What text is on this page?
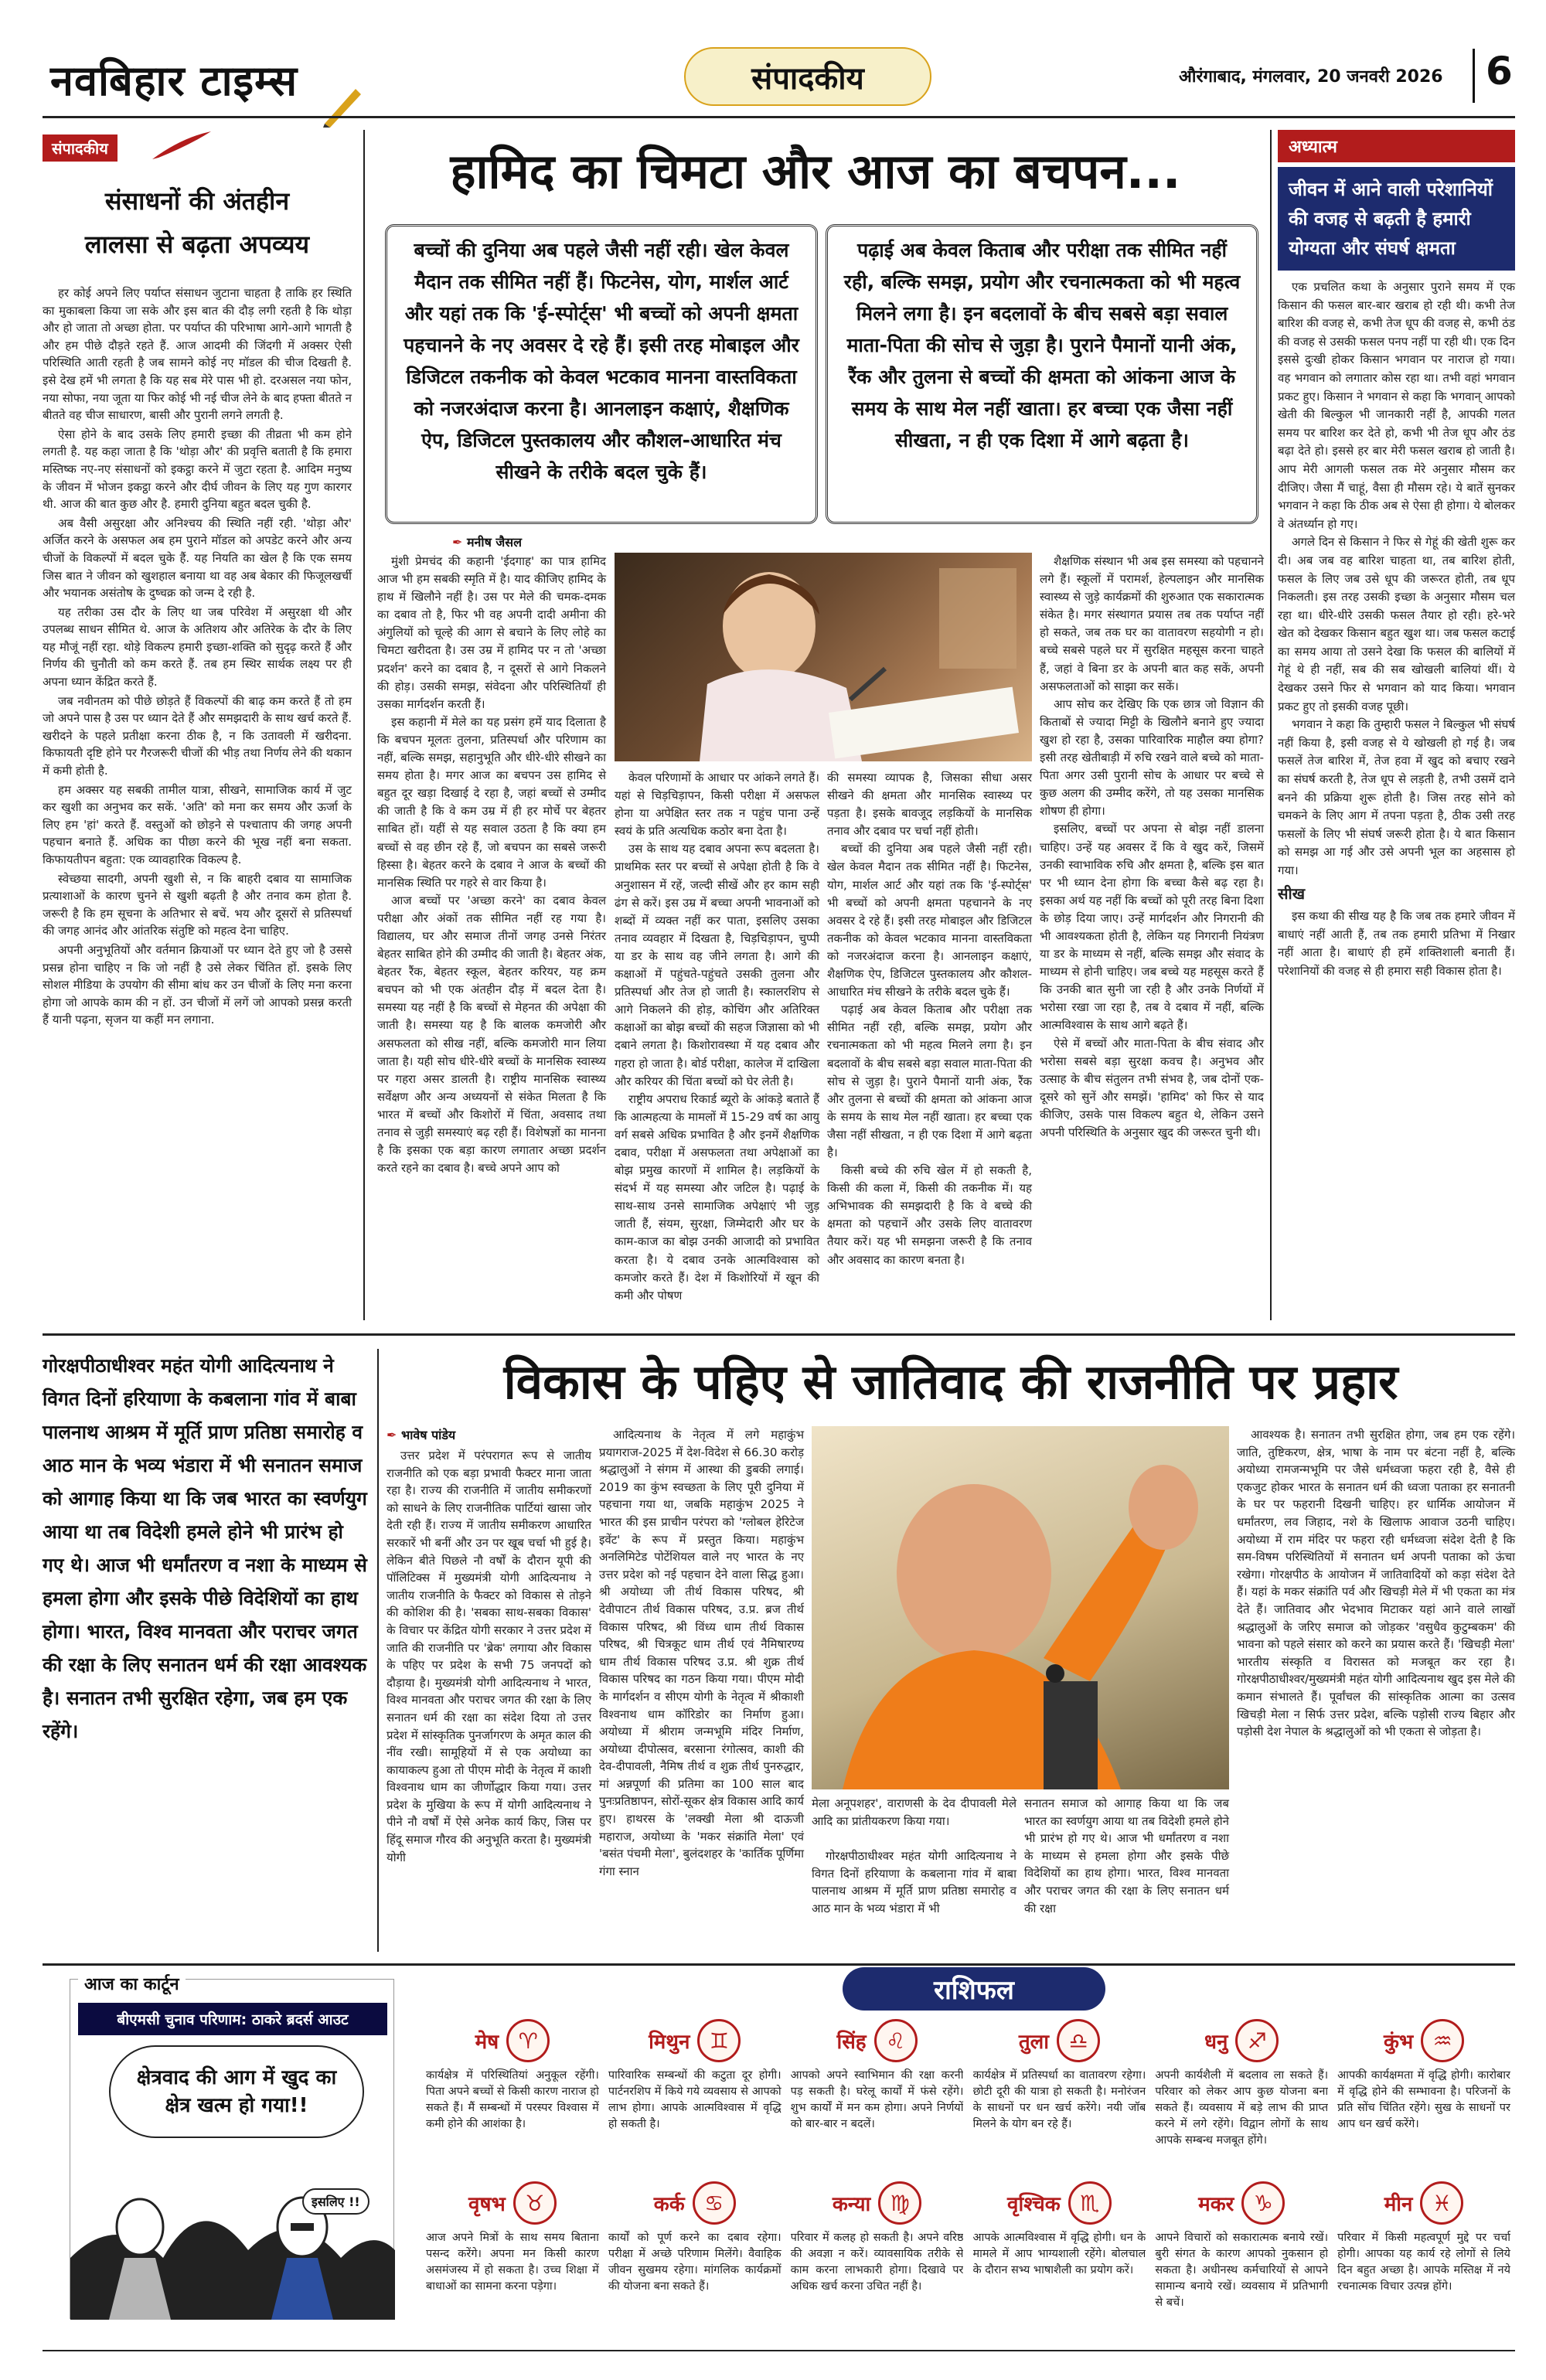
नवबिहार टाइम्स	संपादकीय	औरंगाबाद, मंगलवार, 20 जनवरी 2026	6
संपादकीय
संसाधनों की अंतहीन
लालसा से बढ़ता अपव्यय

हर कोई अपने लिए पर्याप्त संसाधन जुटाना चाहता है ताकि हर स्थिति का मुकाबला किया जा सके और इस बात की दौड़ लगी रहती है कि थोड़ा और हो जाता तो अच्छा होता. पर पर्याप्त की परिभाषा आगे-आगे भागती है और हम पीछे दौड़ते रहते हैं. आज आदमी की जिंदगी में अक्सर ऐसी परिस्थिति आती रहती है जब सामने कोई नए मॉडल की चीज दिखती है. इसे देख हमें भी लगता है कि यह सब मेरे पास भी हो. दरअसल नया फोन, नया सोफा, नया जूता या फिर कोई भी नई चीज लेने के बाद हफ्ता बीतते न बीतते वह चीज साधारण, बासी और पुरानी लगने लगती है.

ऐसा होने के बाद उसके लिए हमारी इच्छा की तीव्रता भी कम होने लगती है. यह कहा जाता है कि 'थोड़ा और' की प्रवृत्ति बताती है कि हमारा मस्तिष्क नए-नए संसाधनों को इकट्ठा करने में जुटा रहता है. आदिम मनुष्य के जीवन में भोजन इकट्ठा करने और दीर्घ जीवन के लिए यह गुण कारगर थी. आज की बात कुछ और है. हमारी दुनिया बहुत बदल चुकी है.

अब वैसी असुरक्षा और अनिश्चय की स्थिति नहीं रही. 'थोड़ा और' अर्जित करने के असफल अब हम पुराने मॉडल को अपडेट करने और अन्य चीजों के विकल्पों में बदल चुके हैं. यह नियति का खेल है कि एक समय जिस बात ने जीवन को खुशहाल बनाया था वह अब बेकार की फिजूलखर्ची और भयानक असंतोष के दुष्चक्र को जन्म दे रही है.

यह तरीका उस दौर के लिए था जब परिवेश में असुरक्षा थी और उपलब्ध साधन सीमित थे. आज के अतिशय और अतिरेक के दौर के लिए यह मौजूं नहीं रहा. थोड़े विकल्प हमारी इच्छा-शक्ति को सुदृढ़ करते हैं और निर्णय की चुनौती को कम करते हैं. तब हम स्थिर सार्थक लक्ष्य पर ही अपना ध्यान केंद्रित करते हैं.

जब नवीनतम को पीछे छोड़ते हैं विकल्पों की बाढ़ कम करते हैं तो हम जो अपने पास है उस पर ध्यान देते हैं और समझदारी के साथ खर्च करते हैं. खरीदने के पहले प्रतीक्षा करना ठीक है, न कि उतावली में खरीदना. किफायती दृष्टि होने पर गैरजरूरी चीजों की भीड़ तथा निर्णय लेने की थकान में कमी होती है.

हम अक्सर यह सबकी तामील यात्रा, सीखने, सामाजिक कार्य में जुट कर खुशी का अनुभव कर सकें. 'अति' को मना कर समय और ऊर्जा के लिए हम 'हां' करते हैं. वस्तुओं को छोड़ने से पश्चाताप की जगह अपनी पहचान बनाते हैं. अधिक का पीछा करने की भूख नहीं बना सकता. किफायतीपन बहुता: एक व्यावहारिक विकल्प है.

स्वेच्छया सादगी, अपनी खुशी से, न कि बाहरी दबाव या सामाजिक प्रत्याशाओं के कारण चुनने से खुशी बढ़ती है और तनाव कम होता है. जरूरी है कि हम सूचना के अतिभार से बचें. भय और दूसरों से प्रतिस्पर्धा की जगह आनंद और आंतरिक संतुष्टि को महत्व देना चाहिए.

अपनी अनुभूतियों और वर्तमान क्रियाओं पर ध्यान देते हुए जो है उससे प्रसन्न होना चाहिए न कि जो नहीं है उसे लेकर चिंतित हों. इसके लिए सोशल मीडिया के उपयोग की सीमा बांध कर उन चीजों के लिए मना करना होगा जो आपके काम की न हों. उन चीजों में लगें जो आपको प्रसन्न करती हैं यानी पढ़ना, सृजन या कहीं मन लगाना.

हामिद का चिमटा और आज का बचपन...
बच्चों की दुनिया अब पहले जैसी नहीं रही। खेल केवल मैदान तक सीमित नहीं हैं। फिटनेस, योग, मार्शल आर्ट और यहां तक कि 'ई-स्पोर्ट्स' भी बच्चों को अपनी क्षमता पहचानने के नए अवसर दे रहे हैं। इसी तरह मोबाइल और डिजिटल तकनीक को केवल भटकाव मानना वास्तविकता को नजरअंदाज करना है। आनलाइन कक्षाएं, शैक्षणिक ऐप, डिजिटल पुस्तकालय और कौशल-आधारित मंच सीखने के तरीके बदल चुके हैं।
पढ़ाई अब केवल किताब और परीक्षा तक सीमित नहीं रही, बल्कि समझ, प्रयोग और रचनात्मकता को भी महत्व मिलने लगा है। इन बदलावों के बीच सबसे बड़ा सवाल माता-पिता की सोच से जुड़ा है। पुराने पैमानों यानी अंक, रैंक और तुलना से बच्चों की क्षमता को आंकना आज के समय के साथ मेल नहीं खाता। हर बच्चा एक जैसा नहीं सीखता, न ही एक दिशा में आगे बढ़ता है।
✒ मनीष जैसल

मुंशी प्रेमचंद की कहानी 'ईदगाह' का पात्र हामिद आज भी हम सबकी स्मृति में है। याद कीजिए हामिद के हाथ में खिलौने नहीं है। उस पर मेले की चमक-दमक का दबाव तो है, फिर भी वह अपनी दादी अमीना की अंगुलियों को चूल्हे की आग से बचाने के लिए लोहे का चिमटा खरीदता है। उस उम्र में हामिद पर न तो 'अच्छा प्रदर्शन' करने का दबाव है, न दूसरों से आगे निकलने की होड़। उसकी समझ, संवेदना और परिस्थितियाँ ही उसका मार्गदर्शन करती हैं।

इस कहानी में मेले का यह प्रसंग हमें याद दिलाता है कि बचपन मूलतः तुलना, प्रतिस्पर्धा और परिणाम का नहीं, बल्कि समझ, सहानुभूति और धीरे-धीरे सीखने का समय होता है। मगर आज का बचपन उस हामिद से बहुत दूर खड़ा दिखाई दे रहा है, जहां बच्चों से उम्मीद की जाती है कि वे कम उम्र में ही हर मोर्चे पर बेहतर साबित हों। यहीं से यह सवाल उठता है कि क्या हम बच्चों से वह छीन रहे हैं, जो बचपन का सबसे जरूरी हिस्सा है। बेहतर करने के दबाव ने आज के बच्चों की मानसिक स्थिति पर गहरे से वार किया है।

आज बच्चों पर 'अच्छा करने' का दबाव केवल परीक्षा और अंकों तक सीमित नहीं रह गया है। विद्यालय, घर और समाज तीनों जगह उनसे निरंतर बेहतर साबित होने की उम्मीद की जाती है। बेहतर अंक, बेहतर रैंक, बेहतर स्कूल, बेहतर करियर, यह क्रम बचपन को भी एक अंतहीन दौड़ में बदल देता है। समस्या यह नहीं है कि बच्चों से मेहनत की अपेक्षा की जाती है। समस्या यह है कि बालक कमजोरी और असफलता को सीख नहीं, बल्कि कमजोरी मान लिया जाता है। यही सोच धीरे-धीरे बच्चों के मानसिक स्वास्थ्य पर गहरा असर डालती है। राष्ट्रीय मानसिक स्वास्थ्य सर्वेक्षण और अन्य अध्ययनों से संकेत मिलता है कि भारत में बच्चों और किशोरों में चिंता, अवसाद तथा तनाव से जुड़ी समस्याएं बढ़ रही हैं। विशेषज्ञों का मानना है कि इसका एक बड़ा कारण लगातार अच्छा प्रदर्शन करते रहने का दबाव है। बच्चे अपने आप को

केवल परिणामों के आधार पर आंकने लगते हैं। यहां से चिड़चिड़ापन, किसी परीक्षा में असफल होना या अपेक्षित स्तर तक न पहुंच पाना उन्हें स्वयं के प्रति अत्यधिक कठोर बना देता है।

उस के साथ यह दबाव अपना रूप बदलता है। प्राथमिक स्तर पर बच्चों से अपेक्षा होती है कि वे अनुशासन में रहें, जल्दी सीखें और हर काम सही ढंग से करें। इस उम्र में बच्चा अपनी भावनाओं को शब्दों में व्यक्त नहीं कर पाता, इसलिए उसका तनाव व्यवहार में दिखता है, चिड़चिड़ापन, चुप्पी या डर के साथ वह जीने लगता है। आगे की कक्षाओं में पहुंचते-पहुंचते उसकी तुलना और प्रतिस्पर्धा और तेज हो जाती है। स्कालरशिप से आगे निकलने की होड़, कोचिंग और अतिरिक्त कक्षाओं का बोझ बच्चों की सहज जिज्ञासा को भी दबाने लगता है। किशोरावस्था में यह दबाव और गहरा हो जाता है। बोर्ड परीक्षा, कालेज में दाखिला और करियर की चिंता बच्चों को घेर लेती है।

राष्ट्रीय अपराध रिकार्ड ब्यूरो के आंकड़े बताते हैं कि आत्महत्या के मामलों में 15-29 वर्ष का आयु वर्ग सबसे अधिक प्रभावित है और इनमें शैक्षणिक दबाव, परीक्षा में असफलता तथा अपेक्षाओं का बोझ प्रमुख कारणों में शामिल है। लड़कियों के संदर्भ में यह समस्या और जटिल है। पढ़ाई के साथ-साथ उनसे सामाजिक अपेक्षाएं भी जुड़ जाती हैं, संयम, सुरक्षा, जिम्मेदारी और घर के काम-काज का बोझ उनकी आजादी को प्रभावित करता है। ये दबाव उनके आत्मविश्वास को कमजोर करते हैं। देश में किशोरियों में खून की कमी और पोषण

की समस्या व्यापक है, जिसका सीधा असर सीखने की क्षमता और मानसिक स्वास्थ्य पर पड़ता है। इसके बावजूद लड़कियों के मानसिक तनाव और दबाव पर चर्चा नहीं होती।

बच्चों की दुनिया अब पहले जैसी नहीं रही। खेल केवल मैदान तक सीमित नहीं है। फिटनेस, योग, मार्शल आर्ट और यहां तक कि 'ई-स्पोर्ट्स' भी बच्चों को अपनी क्षमता पहचानने के नए अवसर दे रहे हैं। इसी तरह मोबाइल और डिजिटल तकनीक को केवल भटकाव मानना वास्तविकता को नजरअंदाज करना है। आनलाइन कक्षाएं, शैक्षणिक ऐप, डिजिटल पुस्तकालय और कौशल-आधारित मंच सीखने के तरीके बदल चुके हैं।

पढ़ाई अब केवल किताब और परीक्षा तक सीमित नहीं रही, बल्कि समझ, प्रयोग और रचनात्मकता को भी महत्व मिलने लगा है। इन बदलावों के बीच सबसे बड़ा सवाल माता-पिता की सोच से जुड़ा है। पुराने पैमानों यानी अंक, रैंक और तुलना से बच्चों की क्षमता को आंकना आज के समय के साथ मेल नहीं खाता। हर बच्चा एक जैसा नहीं सीखता, न ही एक दिशा में आगे बढ़ता है।

किसी बच्चे की रुचि खेल में हो सकती है, किसी की कला में, किसी की तकनीक में। यह अभिभावक की समझदारी है कि वे बच्चे की क्षमता को पहचानें और उसके लिए वातावरण तैयार करें। यह भी समझना जरूरी है कि तनाव और अवसाद का कारण बनता है।

शैक्षणिक संस्थान भी अब इस समस्या को पहचानने लगे हैं। स्कूलों में परामर्श, हेल्पलाइन और मानसिक स्वास्थ्य से जुड़े कार्यक्रमों की शुरुआत एक सकारात्मक संकेत है। मगर संस्थागत प्रयास तब तक पर्याप्त नहीं हो सकते, जब तक घर का वातावरण सहयोगी न हो। बच्चे सबसे पहले घर में सुरक्षित महसूस करना चाहते हैं, जहां वे बिना डर के अपनी बात कह सकें, अपनी असफलताओं को साझा कर सकें।

आप सोच कर देखिए कि एक छात्र जो विज्ञान की किताबों से ज्यादा मिट्टी के खिलौने बनाने हुए ज्यादा खुश हो रहा है, उसका पारिवारिक माहौल क्या होगा? इसी तरह खेतीबाड़ी में रुचि रखने वाले बच्चे को माता-पिता अगर उसी पुरानी सोच के आधार पर बच्चे से कुछ अलग की उम्मीद करेंगे, तो यह उसका मानसिक शोषण ही होगा।

इसलिए, बच्चों पर अपना से बोझ नहीं डालना चाहिए। उन्हें यह अवसर दें कि वे खुद करें, जिसमें उनकी स्वाभाविक रुचि और क्षमता है, बल्कि इस बात पर भी ध्यान देना होगा कि बच्चा कैसे बढ़ रहा है। इसका अर्थ यह नहीं कि बच्चों को पूरी तरह बिना दिशा के छोड़ दिया जाए। उन्हें मार्गदर्शन और निगरानी की भी आवश्यकता होती है, लेकिन यह निगरानी नियंत्रण या डर के माध्यम से नहीं, बल्कि समझ और संवाद के माध्यम से होनी चाहिए। जब बच्चे यह महसूस करते हैं कि उनकी बात सुनी जा रही है और उनके निर्णयों में भरोसा रखा जा रहा है, तब वे दबाव में नहीं, बल्कि आत्मविश्वास के साथ आगे बढ़ते हैं।

ऐसे में बच्चों और माता-पिता के बीच संवाद और भरोसा सबसे बड़ा सुरक्षा कवच है। अनुभव और उत्साह के बीच संतुलन तभी संभव है, जब दोनों एक-दूसरे को सुनें और समझें। 'हामिद' को फिर से याद कीजिए, उसके पास विकल्प बहुत थे, लेकिन उसने अपनी परिस्थिति के अनुसार खुद की जरूरत चुनी थी।

अध्यात्म
जीवन में आने वाली परेशानियों की वजह से बढ़ती है हमारी योग्यता और संघर्ष क्षमता

एक प्रचलित कथा के अनुसार पुराने समय में एक किसान की फसल बार-बार खराब हो रही थी। कभी तेज बारिश की वजह से, कभी तेज धूप की वजह से, कभी ठंड की वजह से उसकी फसल पनप नहीं पा रही थी। एक दिन इससे दुःखी होकर किसान भगवान पर नाराज हो गया। वह भगवान को लगातार कोस रहा था। तभी वहां भगवान प्रकट हुए। किसान ने भगवान से कहा कि भगवान् आपको खेती की बिल्कुल भी जानकारी नहीं है, आपकी गलत समय पर बारिश कर देते हो, कभी भी तेज धूप और ठंड बढ़ा देते हो। इससे हर बार मेरी फसल खराब हो जाती है। आप मेरी आगली फसल तक मेरे अनुसार मौसम कर दीजिए। जैसा मैं चाहूं, वैसा ही मौसम रहे। ये बातें सुनकर भगवान ने कहा कि ठीक अब से ऐसा ही होगा। ये बोलकर वे अंतर्ध्यान हो गए।

अगले दिन से किसान ने फिर से गेहूं की खेती शुरू कर दी। अब जब वह बारिश चाहता था, तब बारिश होती, फसल के लिए जब उसे धूप की जरूरत होती, तब धूप निकलती। इस तरह उसकी इच्छा के अनुसार मौसम चल रहा था। धीरे-धीरे उसकी फसल तैयार हो रही। हरे-भरे खेत को देखकर किसान बहुत खुश था। जब फसल कटाई का समय आया तो उसने देखा कि फसल की बालियों में गेहूं थे ही नहीं, सब की सब खोखली बालियां थीं। ये देखकर उसने फिर से भगवान को याद किया। भगवान प्रकट हुए तो इसकी वजह पूछी।

भगवान ने कहा कि तुम्हारी फसल ने बिल्कुल भी संघर्ष नहीं किया है, इसी वजह से ये खोखली हो गई है। जब फसलें तेज बारिश में, तेज हवा में खुद को बचाए रखने का संघर्ष करती है, तेज धूप से लड़ती है, तभी उसमें दाने बनने की प्रक्रिया शुरू होती है। जिस तरह सोने को चमकने के लिए आग में तपना पड़ता है, ठीक उसी तरह फसलों के लिए भी संघर्ष जरूरी होता है। ये बात किसान को समझ आ गई और उसे अपनी भूल का अहसास हो गया।

सीख

इस कथा की सीख यह है कि जब तक हमारे जीवन में बाधाएं नहीं आती हैं, तब तक हमारी प्रतिभा में निखार नहीं आता है। बाधाएं ही हमें शक्तिशाली बनाती हैं। परेशानियों की वजह से ही हमारा सही विकास होता है।

गोरक्षपीठाधीश्वर महंत योगी आदित्यनाथ ने विगत दिनों हरियाणा के कबलाना गांव में बाबा पालनाथ आश्रम में मूर्ति प्राण प्रतिष्ठा समारोह व आठ मान के भव्य भंडारा में भी सनातन समाज को आगाह किया था कि जब भारत का स्वर्णयुग आया था तब विदेशी हमले होने भी प्रारंभ हो गए थे। आज भी धर्मांतरण व नशा के माध्यम से हमला होगा और इसके पीछे विदेशियों का हाथ होगा। भारत, विश्व मानवता और पराचर जगत की रक्षा के लिए सनातन धर्म की रक्षा आवश्यक है। सनातन तभी सुरक्षित रहेगा, जब हम एक रहेंगे।
विकास के पहिए से जातिवाद की राजनीति पर प्रहार
✒ भावेष पांडेय

उत्तर प्रदेश में परंपरागत रूप से जातीय राजनीति को एक बड़ा प्रभावी फैक्टर माना जाता रहा है। राज्य की राजनीति में जातीय समीकरणों को साधने के लिए राजनीतिक पार्टियां खासा जोर देती रही हैं। राज्य में जातीय समीकरण आधारित सरकारें भी बनीं और उन पर खूब चर्चा भी हुई है। लेकिन बीते पिछले नौ वर्षों के दौरान यूपी की पॉलिटिक्स में मुख्यमंत्री योगी आदित्यनाथ ने जातीय राजनीति के फैक्टर को विकास से तोड़ने की कोशिश की है। 'सबका साथ-सबका विकास' के विचार पर केंद्रित योगी सरकार ने उत्तर प्रदेश में जाति की राजनीति पर 'ब्रेक' लगाया और विकास के पहिए पर प्रदेश के सभी 75 जनपदों को दौड़ाया है। मुख्यमंत्री योगी आदित्यनाथ ने भारत, विश्व मानवता और पराचर जगत की रक्षा के लिए सनातन धर्म की रक्षा का संदेश दिया तो उत्तर प्रदेश में सांस्कृतिक पुनर्जागरण के अमृत काल की नींव रखी। सामूहियों में से एक अयोध्या का कायाकल्प हुआ तो पीएम मोदी के नेतृत्व में काशी विश्वनाथ धाम का जीर्णोद्धार किया गया। उत्तर प्रदेश के मुखिया के रूप में योगी आदित्यनाथ ने पीने नौ वर्षों में ऐसे अनेक कार्य किए, जिस पर हिंदू समाज गौरव की अनुभूति करता है। मुख्यमंत्री योगी

आदित्यनाथ के नेतृत्व में लगे महाकुंभ प्रयागराज-2025 में देश-विदेश से 66.30 करोड़ श्रद्धालुओं ने संगम में आस्था की डुबकी लगाई। 2019 का कुंभ स्वच्छता के लिए पूरी दुनिया में पहचाना गया था, जबकि महाकुंभ 2025 ने भारत की इस प्राचीन परंपरा को 'ग्लोबल हेरिटेज इवेंट' के रूप में प्रस्तुत किया। महाकुंभ अनलिमिटेड पोटेंशियल वाले नए भारत के नए उत्तर प्रदेश को नई पहचान देने वाला सिद्ध हुआ। श्री अयोध्या जी तीर्थ विकास परिषद, श्री देवीपाटन तीर्थ विकास परिषद, उ.प्र. ब्रज तीर्थ विकास परिषद, श्री विंध्य धाम तीर्थ विकास परिषद, श्री चित्रकूट धाम तीर्थ एवं नैमिषारण्य धाम तीर्थ विकास परिषद उ.प्र. श्री शुक्र तीर्थ विकास परिषद का गठन किया गया। पीएम मोदी के मार्गदर्शन व सीएम योगी के नेतृत्व में श्रीकाशी विश्वनाथ धाम कॉरिडोर का निर्माण हुआ। अयोध्या में श्रीराम जन्मभूमि मंदिर निर्माण, अयोध्या दीपोत्सव, बरसाना रंगोत्सव, काशी की देव-दीपावली, नैमिष तीर्थ व शुक्र तीर्थ पुनरुद्धार, मां अन्नपूर्णा की प्रतिमा का 100 साल बाद पुनःप्रतिष्ठापन, सोरों-सूकर क्षेत्र विकास आदि कार्य हुए। हाथरस के 'लक्खी मेला श्री दाऊजी महाराज, अयोध्या के 'मकर संक्रांति मेला' एवं 'बसंत पंचमी मेला', बुलंदशहर के 'कार्तिक पूर्णिमा गंगा स्नान

मेला अनूपशहर', वाराणसी के देव दीपावली मेले आदि का प्रांतीयकरण किया गया।

गोरक्षपीठाधीश्वर महंत योगी आदित्यनाथ ने विगत दिनों हरियाणा के कबलाना गांव में बाबा पालनाथ आश्रम में मूर्ति प्राण प्रतिष्ठा समारोह व आठ मान के भव्य भंडारा में भी

सनातन समाज को आगाह किया था कि जब भारत का स्वर्णयुग आया था तब विदेशी हमले होने भी प्रारंभ हो गए थे। आज भी धर्मांतरण व नशा के माध्यम से हमला होगा और इसके पीछे विदेशियों का हाथ होगा। भारत, विश्व मानवता और पराचर जगत की रक्षा के लिए सनातन धर्म की रक्षा

आवश्यक है। सनातन तभी सुरक्षित होगा, जब हम एक रहेंगे। जाति, तुष्टिकरण, क्षेत्र, भाषा के नाम पर बंटना नहीं है, बल्कि अयोध्या रामजन्मभूमि पर जैसे धर्मध्वजा फहरा रही है, वैसे ही एकजुट होकर भारत के सनातन धर्म की ध्वजा पताका हर सनातनी के घर पर फहरानी दिखनी चाहिए। हर धार्मिक आयोजन में धर्मांतरण, लव जिहाद, नशे के खिलाफ आवाज उठनी चाहिए। अयोध्या में राम मंदिर पर फहरा रही धर्मध्वजा संदेश देती है कि सम-विषम परिस्थितियों में सनातन धर्म अपनी पताका को ऊंचा रखेगा। गोरक्षपीठ के आयोजन में जातिवादियों को कड़ा संदेश देते हैं। यहां के मकर संक्रांति पर्व और खिचड़ी मेले में भी एकता का मंत्र देते हैं। जातिवाद और भेदभाव मिटाकर यहां आने वाले लाखों श्रद्धालुओं के जरिए समाज को जोड़कर 'वसुधैव कुटुम्बकम' की भावना को पहले संसार को करने का प्रयास करते हैं। 'खिचड़ी मेला' भारतीय संस्कृति व विरासत को मजबूत कर रहा है। गोरक्षपीठाधीश्वर/मुख्यमंत्री महंत योगी आदित्यनाथ खुद इस मेले की कमान संभालते हैं। पूर्वांचल की सांस्कृतिक आत्मा का उत्सव खिचड़ी मेला न सिर्फ उत्तर प्रदेश, बल्कि पड़ोसी राज्य बिहार और पड़ोसी देश नेपाल के श्रद्धालुओं को भी एकता से जोड़ता है।

आज का कार्टून
बीएमसी चुनाव परिणाम: ठाकरे ब्रदर्स आउट
क्षेत्रवाद की आग में खुद का क्षेत्र खत्म हो गया!!
इसलिए !!
राशिफल
मेष ♈
कार्यक्षेत्र में परिस्थितियां अनुकूल रहेंगी। पिता अपने बच्चों से किसी कारण नाराज हो सकते हैं। मैं सम्बन्धों में परस्पर विश्वास में कमी होने की आशंका है।
मिथुन ♊
पारिवारिक सम्बन्धों की कटुता दूर होगी। पार्टनरशिप में किये गये व्यवसाय से आपको लाभ होगा। आपके आत्मविश्वास में वृद्धि हो सकती है।
सिंह ♌
आपको अपने स्वाभिमान की रक्षा करनी पड़ सकती है। घरेलू कार्यों में फंसे रहेंगे। शुभ कार्यों में मन कम होगा। अपने निर्णयों को बार-बार न बदलें।
तुला ♎
कार्यक्षेत्र में प्रतिस्पर्धा का वातावरण रहेगा। छोटी दूरी की यात्रा हो सकती है। मनोरंजन के साधनों पर धन खर्च करेंगे। नयी जॉब मिलने के योग बन रहे हैं।
धनु ♐
अपनी कार्यशैली में बदलाव ला सकते हैं। परिवार को लेकर आप कुछ योजना बना सकते हैं। व्यवसाय में बड़े लाभ की प्राप्त करने में लगे रहेंगे। विद्वान लोगों के साथ आपके सम्बन्ध मजबूत होंगे।
कुंभ ♒
आपकी कार्यक्षमता में वृद्धि होगी। कारोबार में वृद्धि होने की सम्भावना है। परिजनों के प्रति सोंच चिंतित रहेंगे। सुख के साधनों पर आप धन खर्च करेंगे।
वृषभ ♉
आज अपने मित्रों के साथ समय बिताना पसन्द करेंगे। अपना मन किसी कारण असमंजस्य में हो सकता है। उच्च शिक्षा में बाधाओं का सामना करना पड़ेगा।
कर्क ♋
कार्यों को पूर्ण करने का दबाव रहेगा। परीक्षा में अच्छे परिणाम मिलेंगे। वैवाहिक जीवन सुखमय रहेगा। मांगलिक कार्यक्रमों की योजना बना सकते हैं।
कन्या ♍
परिवार में कलह हो सकती है। अपने वरिष्ठ की अवज्ञा न करें। व्यावसायिक तरीके से काम करना लाभकारी होगा। दिखावे पर अधिक खर्च करना उचित नहीं है।
वृश्चिक ♏
आपके आत्मविश्वास में वृद्धि होगी। धन के मामले में आप भाग्यशाली रहेंगे। बोलचाल के दौरान सभ्य भाषाशैली का प्रयोग करें।
मकर ♑
आपने विचारों को सकारात्मक बनाये रखें। बुरी संगत के कारण आपको नुकसान हो सकता है। अधीनस्थ कर्मचारियों से आपने सामान्य बनाये रखें। व्यवसाय में प्रतिभागी से बचें।
मीन ♓
परिवार में किसी महत्वपूर्ण मुद्दे पर चर्चा होगी। आपका यह कार्य रहे लोगों से लिये दिन बहुत अच्छा है। आपके मस्तिक्ष में नये रचनात्मक विचार उत्पन्न होंगे।
